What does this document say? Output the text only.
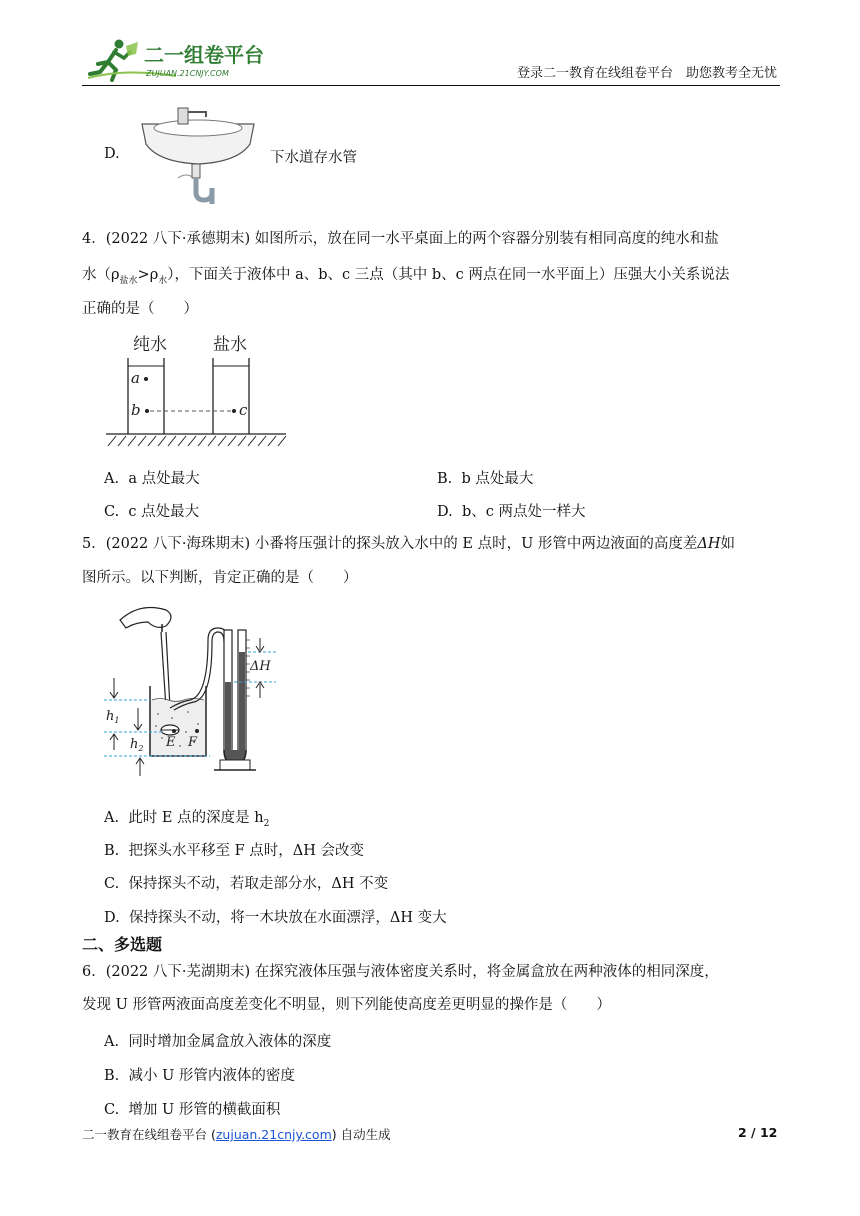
二一组卷平台
ZUJUAN.21CNJY.COM	登录二一教育在线组卷平台　助您教考全无忧
D.	下水道存水管
4．(2022 八下·承德期末) 如图所示，放在同一水平桌面上的两个容器分别装有相同高度的纯水和盐
水$(\rho_{盐水}>\rho_水)$，下面关于液体中 a、b、c 三点（其中 b、c 两点在同一水平面上）压强大小关系说法
正确的是（　　）
纯水	盐水
a
b	c
A. a 点处最大	B. b 点处最大
C. c 点处最大	D. b、c 两点处一样大
5．(2022 八下·海珠期末) 小番将压强计的探头放入水中的 E 点时，U 形管中两边液面的高度差ΔH如
图所示。以下判断，肯定正确的是（　　）
ΔH
$h_1$
$h_2$ E F
A. 此时 E 点的深度是 $h_2$
B. 把探头水平移至 F 点时，ΔH 会改变
C. 保持探头不动，若取走部分水，ΔH 不变
D. 保持探头不动，将一木块放在水面漂浮，ΔH 变大
二、多选题
6．(2022 八下·芜湖期末) 在探究液体压强与液体密度关系时，将金属盒放在两种液体的相同深度，
发现 U 形管两液面高度差变化不明显，则下列能使高度差更明显的操作是（　　）
A. 同时增加金属盒放入液体的深度
B. 减小 U 形管内液体的密度
C. 增加 U 形管的横截面积
二一教育在线组卷平台 (zujuan.21cnjy.com) 自动生成	2 / 12
